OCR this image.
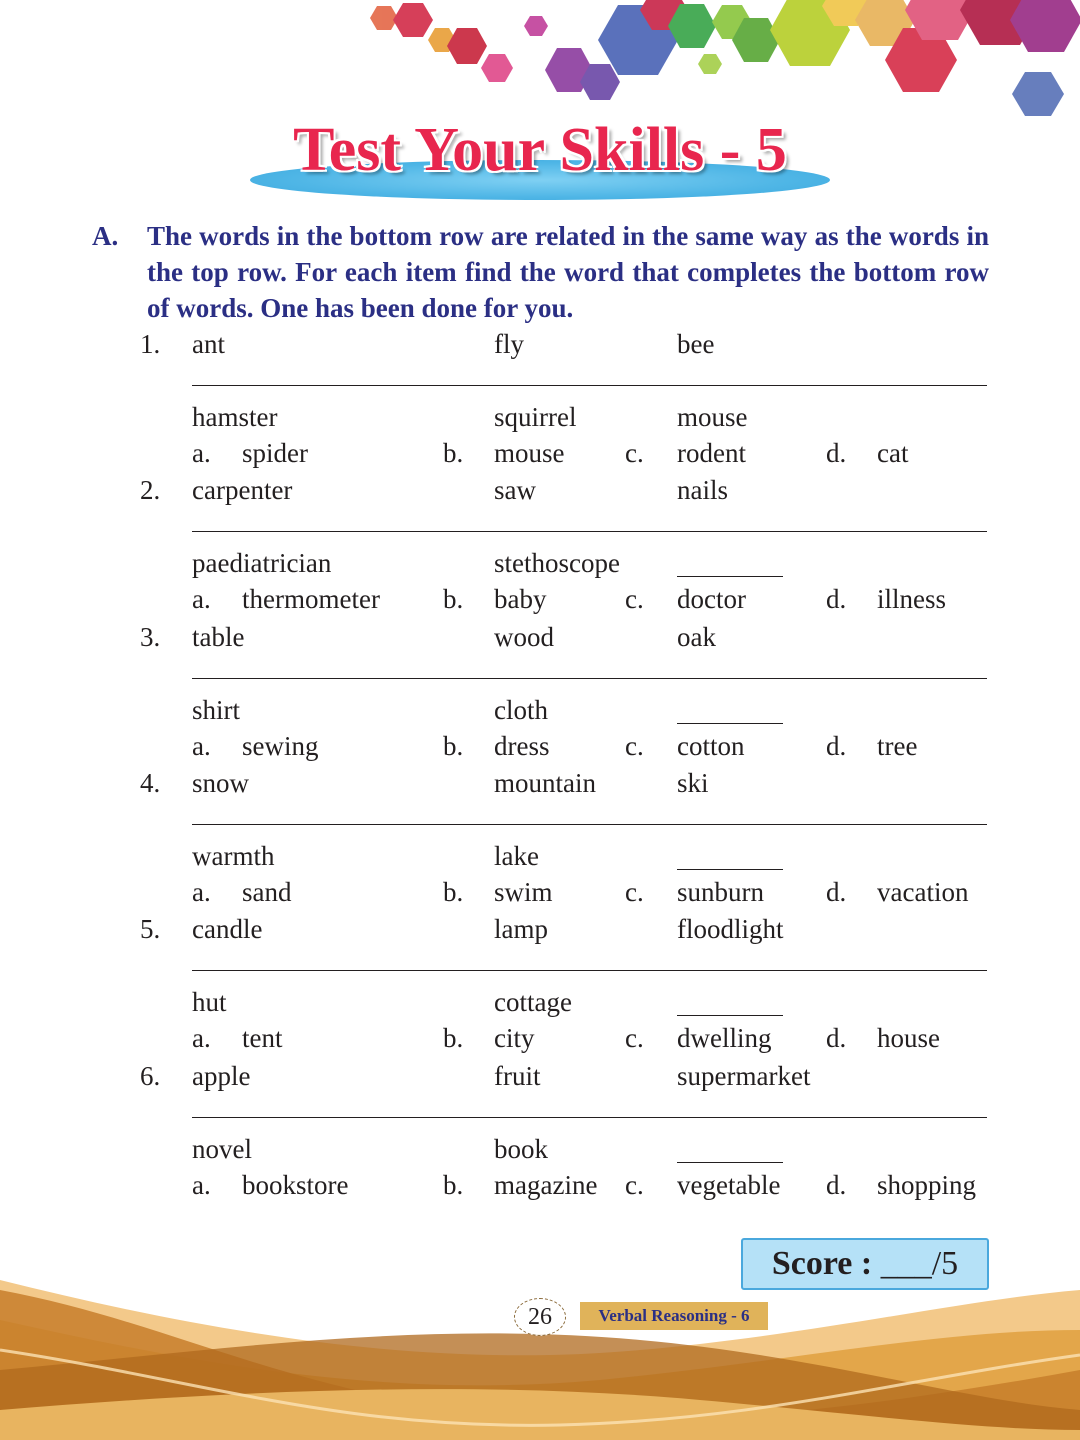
Test Your Skills - 5
A. The words in the bottom row are related in the same way as the words in the top row. For each item find the word that completes the bottom row of words. One has been done for you.
1. ant	fly	bee
hamster	squirrel	mouse
a. spider	b. mouse c. rodent	d. cat
2. carpenter	saw	nails
paediatrician	stethoscope
a. thermometer b. baby	c. doctor	d. illness
3. table	wood	oak
shirt	cloth
a. sewing	b. dress	c. cotton	d. tree
4. snow	mountain	ski
warmth	lake
a. sand	b. swim	c. sunburn d. vacation
5. candle	lamp	floodlight
hut	cottage
a. tent	b. city	c. dwelling d. house
6. apple	fruit	supermarket
novel	book
a. bookstore	b. magazine c. vegetable d. shopping
Score : ___/5
26	Verbal Reasoning - 6
